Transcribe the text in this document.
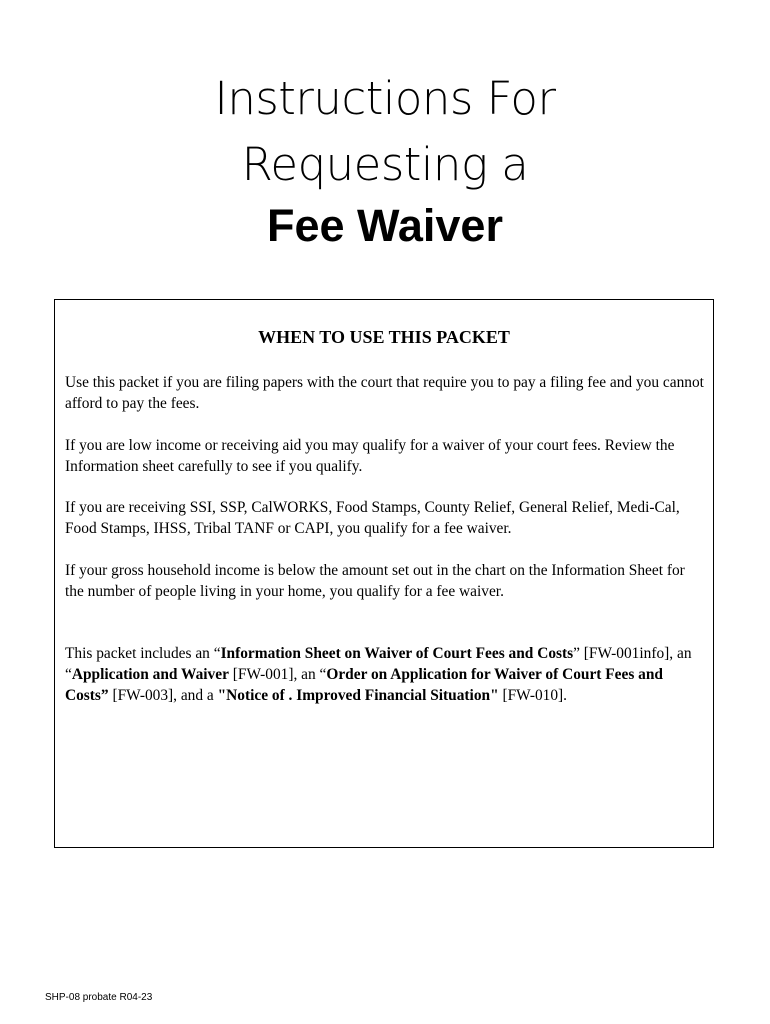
Instructions For
Requesting a
Fee Waiver
WHEN TO USE THIS PACKET
Use this packet if you are filing papers with the court that require you to pay a filing fee and you cannot afford to pay the fees.
If you are low income or receiving aid you may qualify for a waiver of your court fees. Review the Information sheet carefully to see if you qualify.
If you are receiving SSI, SSP, CalWORKS, Food Stamps, County Relief, General Relief, Medi-Cal, Food Stamps, IHSS, Tribal TANF or CAPI, you qualify for a fee waiver.
If your gross household income is below the amount set out in the chart on the Information Sheet for the number of people living in your home, you qualify for a fee waiver.
This packet includes an “Information Sheet on Waiver of Court Fees and Costs” [FW-001info], an “Application and Waiver [FW-001], an “Order on Application for Waiver of Court Fees and Costs” [FW-003], and a "Notice of . Improved Financial Situation" [FW-010].
SHP-08 probate R04-23
